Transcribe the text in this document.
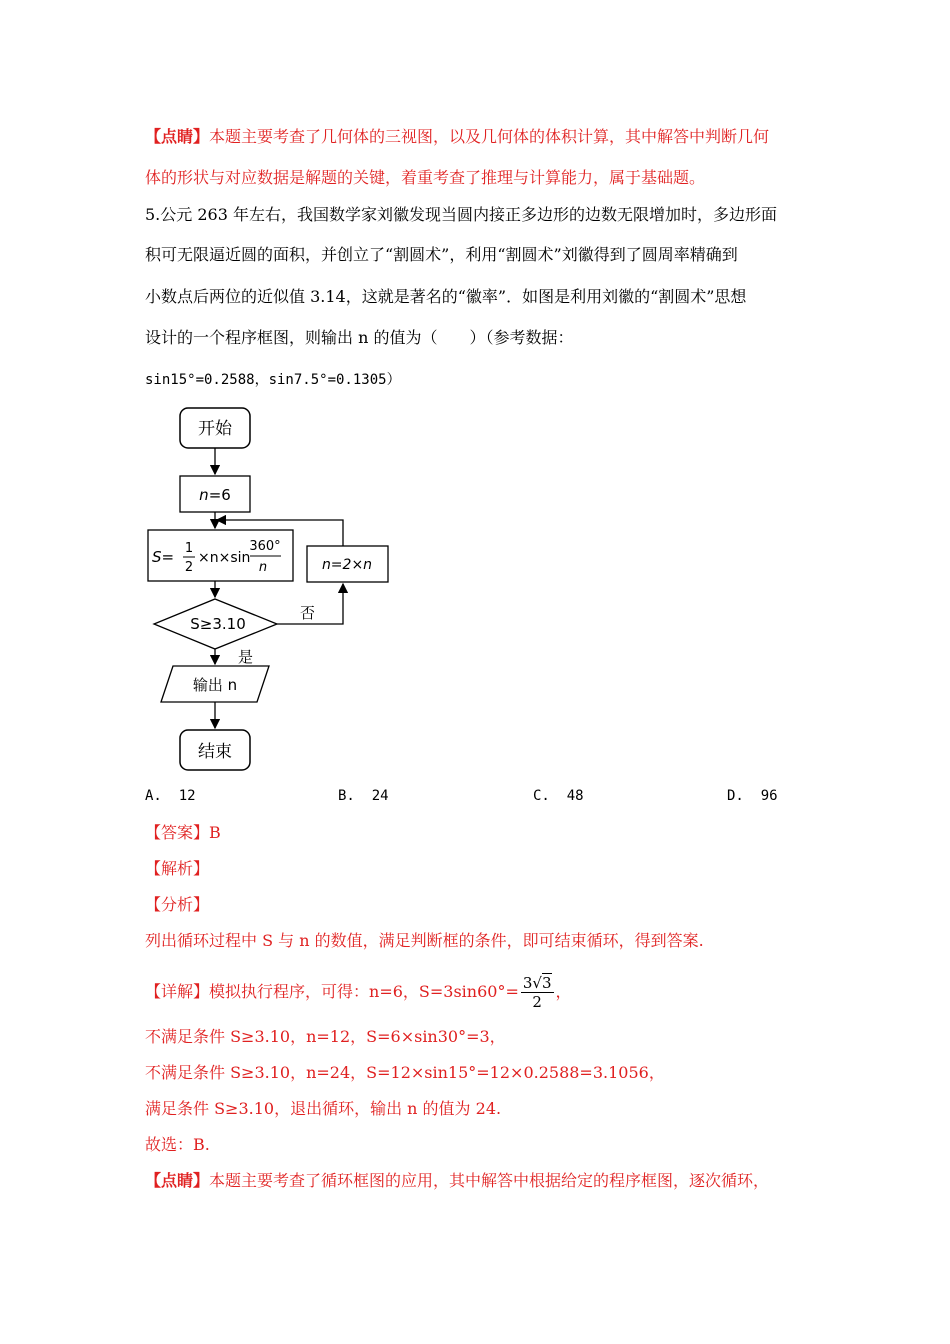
【点睛】本题主要考查了几何体的三视图，以及几何体的体积计算，其中解答中判断几何
体的形状与对应数据是解题的关键，着重考查了推理与计算能力，属于基础题。
5.公元 263 年左右，我国数学家刘徽发现当圆内接正多边形的边数无限增加时，多边形面
积可无限逼近圆的面积，并创立了“割圆术”，利用“割圆术”刘徽得到了圆周率精确到
小数点后两位的近似值 3.14，这就是著名的“徽率”．如图是利用刘徽的“割圆术”思想
设计的一个程序框图，则输出 n 的值为（　　）（参考数据：
sin15°=0.2588，sin7.5°=0.1305）
开始
n=6
S= 1
2
×n×sin
360°
n	n=2×n
S≥3.10
否
是
输出 n
结束
A. 12	B. 24	C. 48	D. 96
【答案】B
【解析】
【分析】
列出循环过程中 S 与 n 的数值，满足判断框的条件，即可结束循环，得到答案.
【详解】模拟执行程序，可得：n=6，$S=3\sin 60^\circ= \frac{3√3}{2}$ ，
不满足条件 S≥3.10，n=12，S=6×sin30°=3，
不满足条件 S≥3.10，n=24，S=12×sin15°=12×0.2588=3.1056，
满足条件 S≥3.10，退出循环，输出 n 的值为 24.
故选：B.
【点睛】本题主要考查了循环框图的应用，其中解答中根据给定的程序框图，逐次循环，
